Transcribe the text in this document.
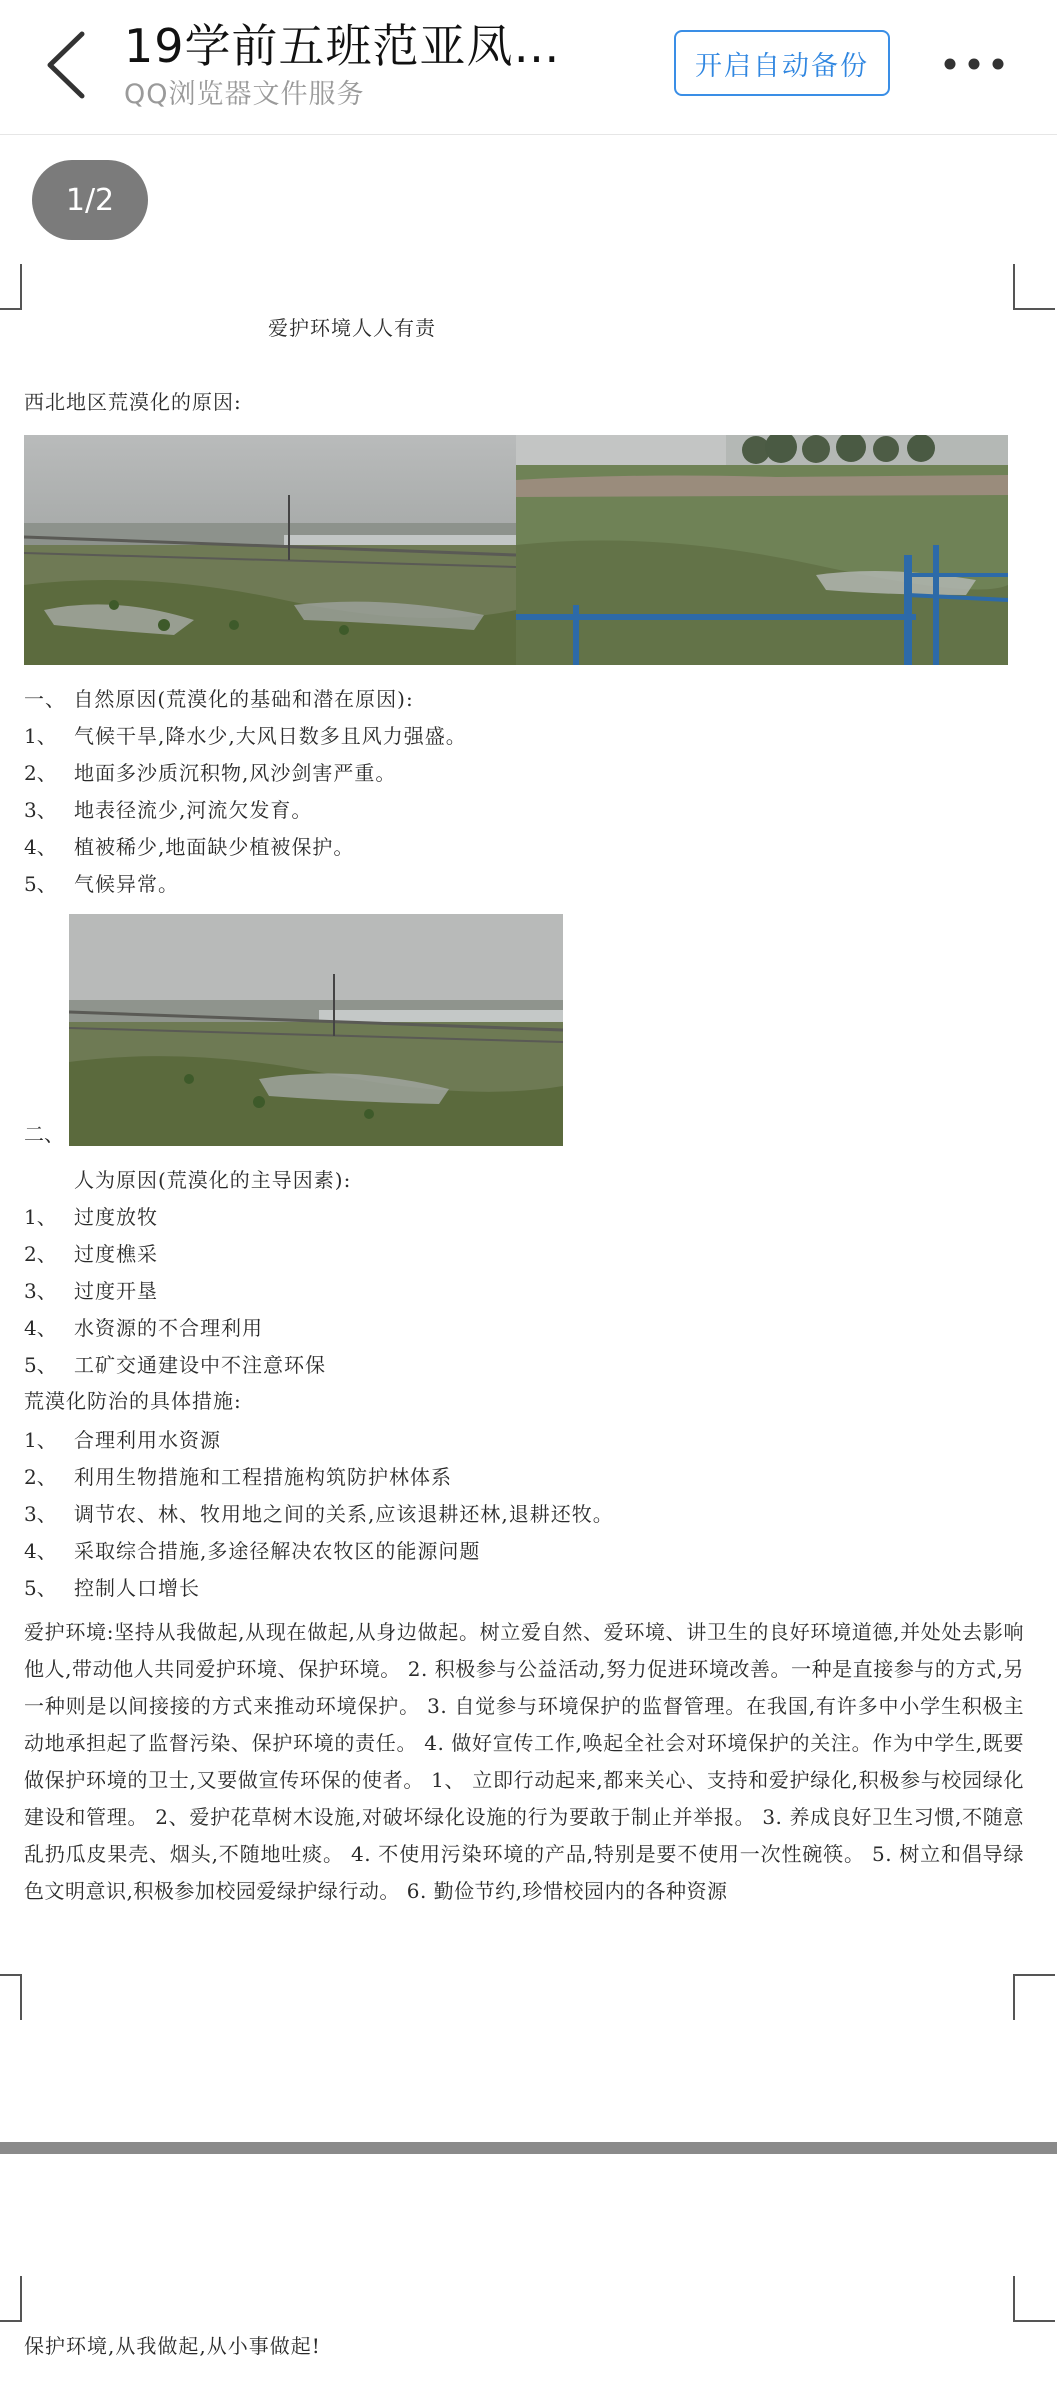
19学前五班范亚凤…
QQ浏览器文件服务
开启自动备份
1/2
爱护环境人人有责
西北地区荒漠化的原因:
一、 自然原因(荒漠化的基础和潜在原因):
1、 气候干旱,降水少,大风日数多且风力强盛。
2、 地面多沙质沉积物,风沙剑害严重。
3、 地表径流少,河流欠发育。
4、 植被稀少,地面缺少植被保护。
5、 气候异常。
二、
人为原因(荒漠化的主导因素):
1、 过度放牧
2、 过度樵采
3、 过度开垦
4、 水资源的不合理利用
5、 工矿交通建设中不注意环保
荒漠化防治的具体措施:
1、 合理利用水资源
2、 利用生物措施和工程措施构筑防护林体系
3、 调节农、林、牧用地之间的关系,应该退耕还林,退耕还牧。
4、 采取综合措施,多途径解决农牧区的能源问题
5、 控制人口增长
爱护环境:坚持从我做起,从现在做起,从身边做起。树立爱自然、爱环境、讲卫生的良好环境道德,并处处去影响他人,带动他人共同爱护环境、保护环境。 2. 积极参与公益活动,努力促进环境改善。一种是直接参与的方式,另一种则是以间接接的方式来推动环境保护。 3. 自觉参与环境保护的监督管理。在我国,有许多中小学生积极主动地承担起了监督污染、保护环境的责任。 4. 做好宣传工作,唤起全社会对环境保护的关注。作为中学生,既要做保护环境的卫士,又要做宣传环保的使者。 1、 立即行动起来,都来关心、支持和爱护绿化,积极参与校园绿化建设和管理。 2、爱护花草树木设施,对破坏绿化设施的行为要敢于制止并举报。 3. 养成良好卫生习惯,不随意乱扔瓜皮果壳、烟头,不随地吐痰。 4. 不使用污染环境的产品,特别是要不使用一次性碗筷。 5. 树立和倡导绿色文明意识,积极参加校园爱绿护绿行动。 6. 勤俭节约,珍惜校园内的各种资源
保护环境,从我做起,从小事做起!
